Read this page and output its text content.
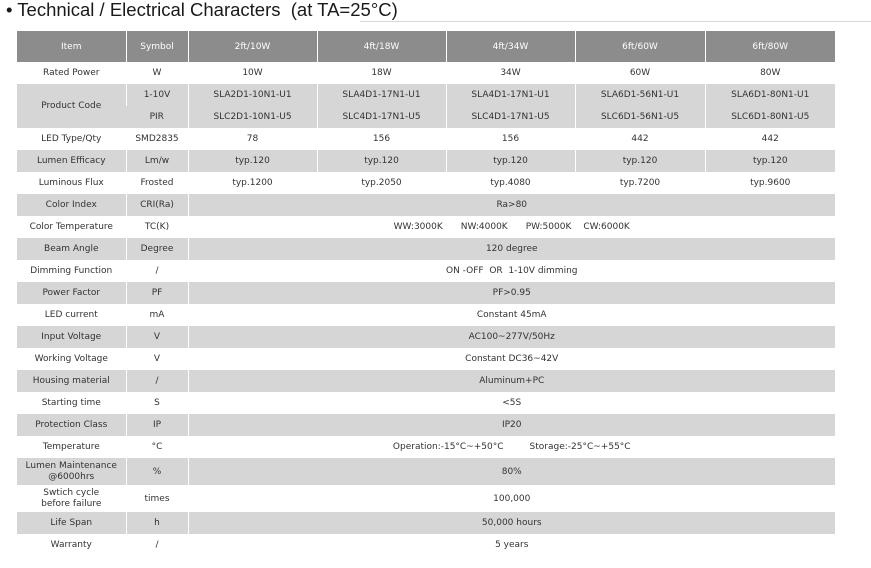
• Technical / Electrical Characters  (at TA=25°C)
Item	Symbol	2ft/10W	4ft/18W	4ft/34W	6ft/60W	6ft/80W
Rated Power	W	10W	18W	34W	60W	80W
Product Code	1-10V	SLA2D1-10N1-U1	SLA4D1-17N1-U1	SLA4D1-17N1-U1	SLA6D1-56N1-U1	SLA6D1-80N1-U1
	PIR	SLC2D1-10N1-U5	SLC4D1-17N1-U5	SLC4D1-17N1-U5	SLC6D1-56N1-U5	SLC6D1-80N1-U5
LED Type/Qty	SMD2835	78	156	156	442	442
Lumen Efficacy	Lm/w	typ.120	typ.120	typ.120	typ.120	typ.120
Luminous Flux	Frosted	typ.1200	typ.2050	typ.4080	typ.7200	typ.9600
Color Index	CRI(Ra)	Ra>80				
Color Temperature	TC(K)	WW:3000K NW:4000K PW:5000K CW:6000K				
Beam Angle	Degree	120 degree				
Dimming Function	/	ON -OFF  OR  1-10V dimming				
Power Factor	PF	PF>0.95				
LED current	mA	Constant 45mA				
Input Voltage	V	AC100~277V/50Hz				
Working Voltage	V	Constant DC36~42V				
Housing material	/	Aluminum+PC				
Starting time	S	<5S				
Protection Class	IP	IP20				
Temperature	°C	Operation:-15°C~+50°C Storage:-25°C~+55°C				

Lumen Maintenance
@6000hrs	%	80%				

Swtich cycle
before failure	times	100,000				
Life Span	h	50,000 hours				
Warranty	/	5 years				
